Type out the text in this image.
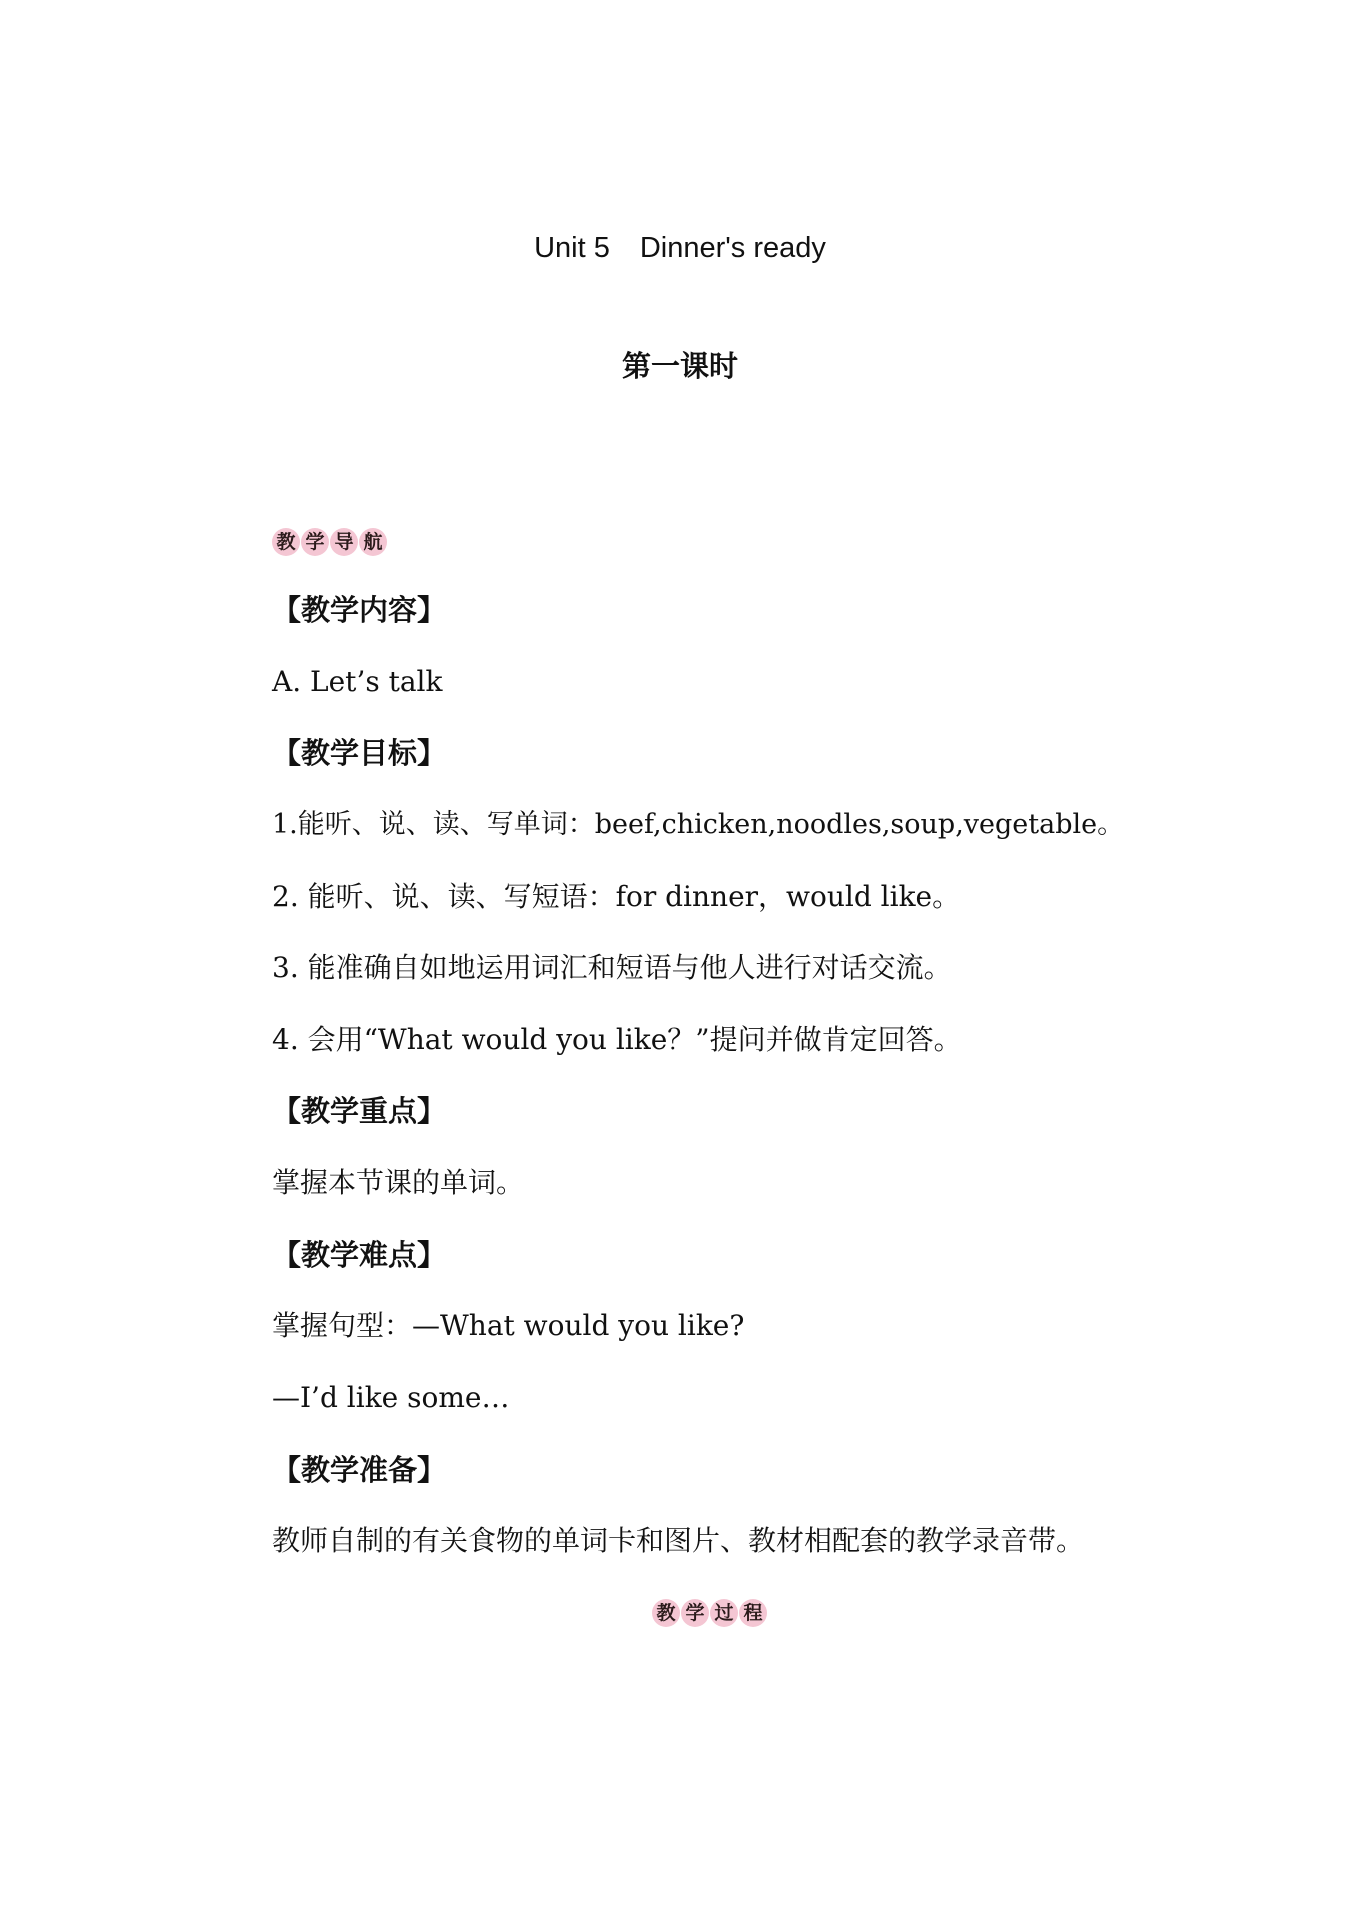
Unit 5 Dinner's ready
第一课时
教 学 导 航
【教学内容】
A. Let’s talk
【教学目标】
1.能听、说、读、写单词：beef,chicken,noodles,soup,vegetable。
2. 能听、说、读、写短语：for dinner，would like。
3. 能准确自如地运用词汇和短语与他人进行对话交流。
4. 会用“What would you like？”提问并做肯定回答。
【教学重点】
掌握本节课的单词。
【教学难点】
掌握句型：—What would you like?
—I’d like some…
【教学准备】
教师自制的有关食物的单词卡和图片、教材相配套的教学录音带。
教 学 过 程
